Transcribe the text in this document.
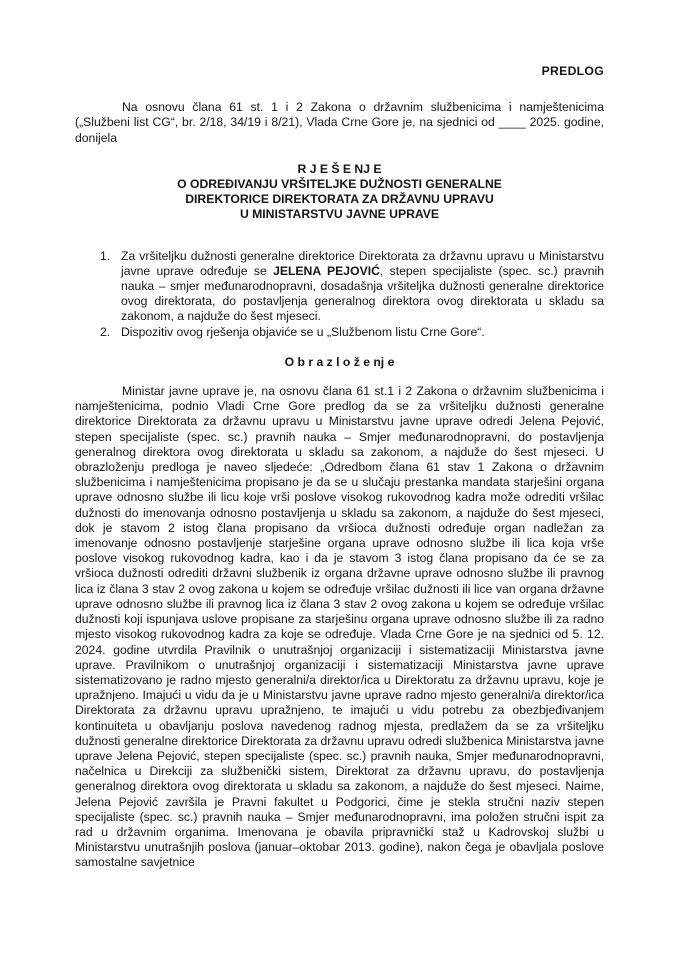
PREDLOG

Na osnovu člana 61 st. 1 i 2 Zakona o državnim službenicima i namještenicima („Službeni list CG“, br. 2/18, 34/19 i 8/21), Vlada Crne Gore je, na sjednici od ____ 2025. godine, donijela

R J E Š E NJ E
O ODREĐIVANJU VRŠITELJKE DUŽNOSTI GENERALNE
DIREKTORICE DIREKTORATA ZA DRŽAVNU UPRAVU
U MINISTARSTVU JAVNE UPRAVE
1. Za vršiteljku dužnosti generalne direktorice Direktorata za državnu upravu u Ministarstvu javne uprave određuje se JELENA PEJOVIĆ, stepen specijaliste (spec. sc.) pravnih nauka – smjer međunarodnopravni, dosadašnja vršiteljka dužnosti generalne direktorice ovog direktorata, do postavljenja generalnog direktora ovog direktorata u skladu sa zakonom, a najduže do šest mjeseci.
2. Dispozitiv ovog rješenja objaviće se u „Službenom listu Crne Gore“.

O b r a z l o ž e nj e

Ministar javne uprave je, na osnovu člana 61 st.1 i 2 Zakona o državnim službenicima i namještenicima, podnio Vladi Crne Gore predlog da se za vršiteljku dužnosti generalne direktorice Direktorata za državnu upravu u Ministarstvu javne uprave odredi Jelena Pejović, stepen specijaliste (spec. sc.) pravnih nauka – Smjer međunarodnopravni, do postavljenja generalnog direktora ovog direktorata u skladu sa zakonom, a najduže do šest mjeseci. U obrazloženju predloga je naveo sljedeće: „Odredbom člana 61 stav 1 Zakona o državnim službenicima i namještenicima propisano je da se u slučaju prestanka mandata starješini organa uprave odnosno službe ili licu koje vrši poslove visokog rukovodnog kadra može odrediti vršilac dužnosti do imenovanja odnosno postavljenja u skladu sa zakonom, a najduže do šest mjeseci, dok je stavom 2 istog člana propisano da vršioca dužnosti određuje organ nadležan za imenovanje odnosno postavljenje starješine organa uprave odnosno službe ili lica koja vrše poslove visokog rukovodnog kadra, kao i da je stavom 3 istog člana propisano da će se za vršioca dužnosti odrediti državni službenik iz organa državne uprave odnosno službe ili pravnog lica iz člana 3 stav 2 ovog zakona u kojem se određuje vršilac dužnosti ili lice van organa državne uprave odnosno službe ili pravnog lica iz člana 3 stav 2 ovog zakona u kojem se određuje vršilac dužnosti koji ispunjava uslove propisane za starješinu organa uprave odnosno službe ili za radno mjesto visokog rukovodnog kadra za koje se određuje. Vlada Crne Gore je na sjednici od 5. 12. 2024. godine utvrdila Pravilnik o unutrašnjoj organizaciji i sistematizaciji Ministarstva javne uprave. Pravilnikom o unutrašnjoj organizaciji i sistematizaciji Ministarstva javne uprave sistematizovano je radno mjesto generalni/a direktor/ica u Direktoratu za državnu upravu, koje je upražnjeno. Imajući u vidu da je u Ministarstvu javne uprave radno mjesto generalni/a direktor/ica Direktorata za državnu upravu upražnjeno, te imajući u vidu potrebu za obezbjeđivanjem kontinuiteta u obavljanju poslova navedenog radnog mjesta, predlažem da se za vršiteljku dužnosti generalne direktorice Direktorata za državnu upravu odredi službenica Ministarstva javne uprave Jelena Pejović, stepen specijaliste (spec. sc.) pravnih nauka, Smjer međunarodnopravni, načelnica u Direkciji za službenički sistem, Direktorat za državnu upravu, do postavljenja generalnog direktora ovog direktorata u skladu sa zakonom, a najduže do šest mjeseci. Naime, Jelena Pejović završila je Pravni fakultet u Podgorici, čime je stekla stručni naziv stepen specijaliste (spec. sc.) pravnih nauka – Smjer međunarodnopravni, ima položen stručni ispit za rad u državnim organima. Imenovana je obavila pripravnički staž u Kadrovskoj službi u Ministarstvu unutrašnjih poslova (januar–oktobar 2013. godine), nakon čega je obavljala poslove samostalne savjetnice
